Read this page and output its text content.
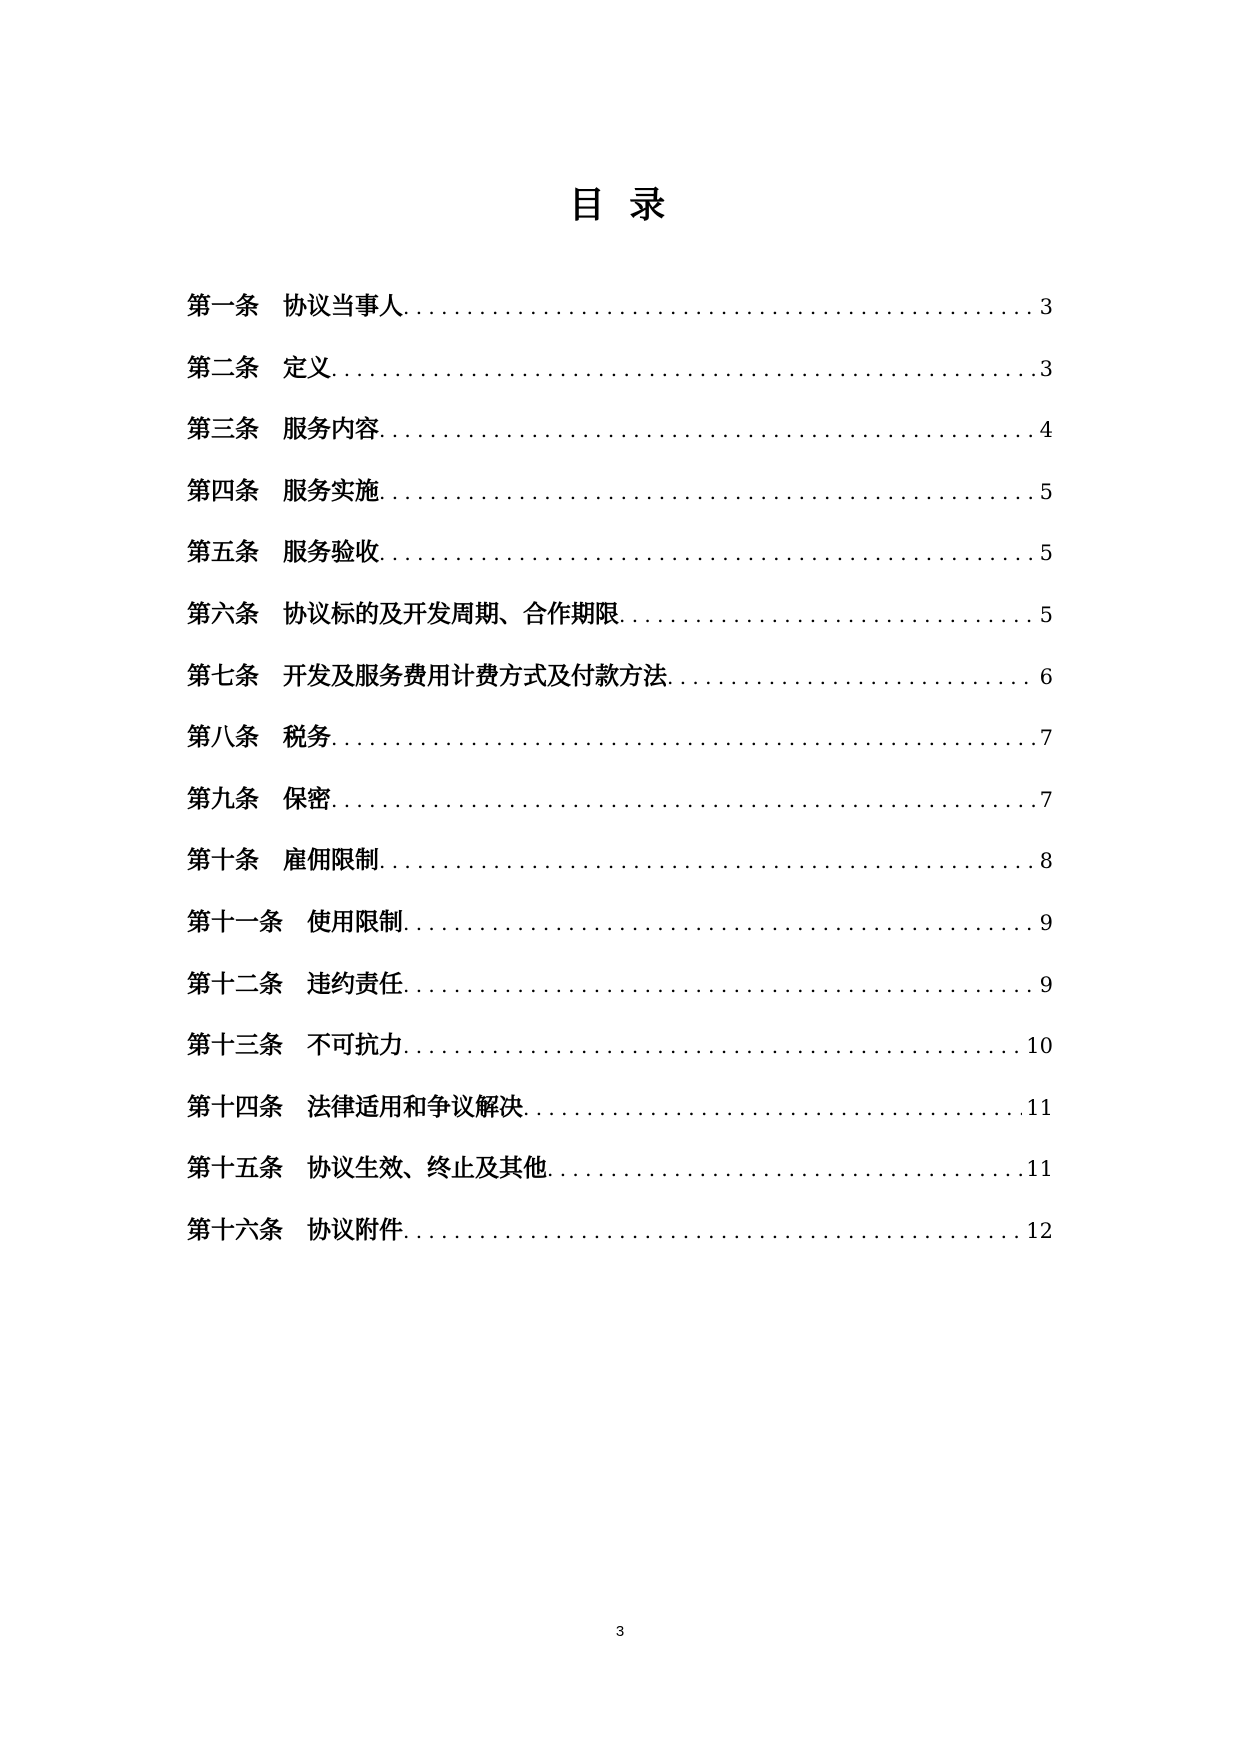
目 录
第一条 协议当事人 . . .	3
第二条 定义 . . .	3
第三条 服务内容 . . .	4
第四条 服务实施 . . .	5
第五条 服务验收 . . .	5
第六条 协议标的及开发周期、合作期限 . . .	5
第七条 开发及服务费用计费方式及付款方法 . . .	6
第八条 税务 . . .	7
第九条 保密 . . .	7
第十条 雇佣限制 . . .	8
第十一条 使用限制 . . .	9
第十二条 违约责任 . . .	9
第十三条 不可抗力 . . .	10
第十四条 法律适用和争议解决 . . .	11
第十五条 协议生效、终止及其他 . . .	11
第十六条 协议附件 . . .	12
3
